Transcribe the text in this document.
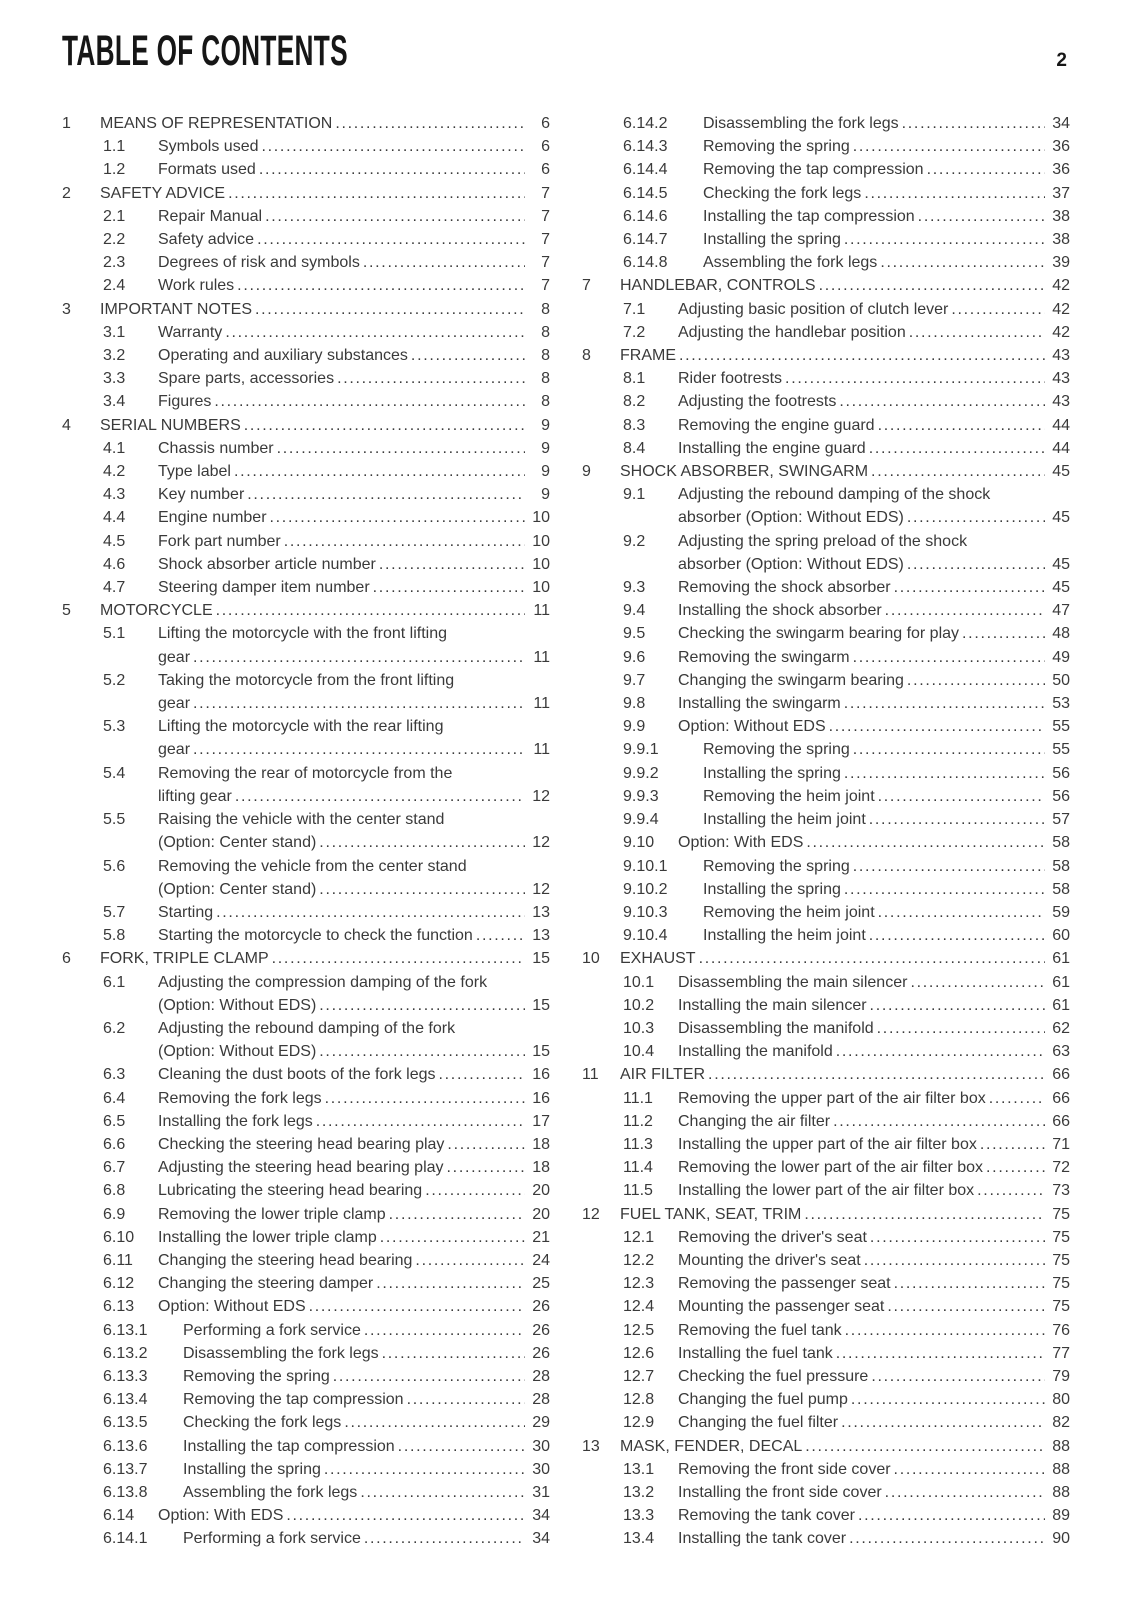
TABLE OF CONTENTS	2
1	MEANS OF REPRESENTATION .....	6
1.1	Symbols used .....	6
1.2	Formats used .....	6
2	SAFETY ADVICE .....	7
2.1	Repair Manual .....	7
2.2	Safety advice .....	7
2.3	Degrees of risk and symbols .....	7
2.4	Work rules .....	7
3	IMPORTANT NOTES .....	8
3.1	Warranty .....	8
3.2	Operating and auxiliary substances .....	8
3.3	Spare parts, accessories .....	8
3.4	Figures .....	8
4	SERIAL NUMBERS .....	9
4.1	Chassis number .....	9
4.2	Type label .....	9
4.3	Key number .....	9
4.4	Engine number .....	10
4.5	Fork part number .....	10
4.6	Shock absorber article number .....	10
4.7	Steering damper item number .....	10
5	MOTORCYCLE .....	11
5.1	Lifting the motorcycle with the front lifting
gear .....	11
5.2	Taking the motorcycle from the front lifting
gear .....	11
5.3	Lifting the motorcycle with the rear lifting
gear .....	11
5.4	Removing the rear of motorcycle from the
lifting gear .....	12
5.5	Raising the vehicle with the center stand
(Option: Center stand) .....	12
5.6	Removing the vehicle from the center stand
(Option: Center stand) .....	12
5.7	Starting .....	13
5.8	Starting the motorcycle to check the function .....	13
6	FORK, TRIPLE CLAMP .....	15
6.1	Adjusting the compression damping of the fork
(Option: Without EDS) .....	15
6.2	Adjusting the rebound damping of the fork
(Option: Without EDS) .....	15
6.3	Cleaning the dust boots of the fork legs .....	16
6.4	Removing the fork legs .....	16
6.5	Installing the fork legs .....	17
6.6	Checking the steering head bearing play .....	18
6.7	Adjusting the steering head bearing play .....	18
6.8	Lubricating the steering head bearing .....	20
6.9	Removing the lower triple clamp .....	20
6.10	Installing the lower triple clamp .....	21
6.11	Changing the steering head bearing .....	24
6.12	Changing the steering damper .....	25
6.13	Option: Without EDS .....	26
6.13.1	Performing a fork service .....	26
6.13.2	Disassembling the fork legs .....	26
6.13.3	Removing the spring .....	28
6.13.4	Removing the tap compression .....	28
6.13.5	Checking the fork legs .....	29
6.13.6	Installing the tap compression .....	30
6.13.7	Installing the spring .....	30
6.13.8	Assembling the fork legs .....	31
6.14	Option: With EDS .....	34
6.14.1	Performing a fork service .....	34
6.14.2	Disassembling the fork legs .....	34
6.14.3	Removing the spring .....	36
6.14.4	Removing the tap compression .....	36
6.14.5	Checking the fork legs .....	37
6.14.6	Installing the tap compression .....	38
6.14.7	Installing the spring .....	38
6.14.8	Assembling the fork legs .....	39
7	HANDLEBAR, CONTROLS .....	42
7.1	Adjusting basic position of clutch lever .....	42
7.2	Adjusting the handlebar position .....	42
8	FRAME .....	43
8.1	Rider footrests .....	43
8.2	Adjusting the footrests .....	43
8.3	Removing the engine guard .....	44
8.4	Installing the engine guard .....	44
9	SHOCK ABSORBER, SWINGARM .....	45
9.1	Adjusting the rebound damping of the shock
absorber (Option: Without EDS) .....	45
9.2	Adjusting the spring preload of the shock
absorber (Option: Without EDS) .....	45
9.3	Removing the shock absorber .....	45
9.4	Installing the shock absorber .....	47
9.5	Checking the swingarm bearing for play .....	48
9.6	Removing the swingarm .....	49
9.7	Changing the swingarm bearing .....	50
9.8	Installing the swingarm .....	53
9.9	Option: Without EDS .....	55
9.9.1	Removing the spring .....	55
9.9.2	Installing the spring .....	56
9.9.3	Removing the heim joint .....	56
9.9.4	Installing the heim joint .....	57
9.10	Option: With EDS .....	58
9.10.1	Removing the spring .....	58
9.10.2	Installing the spring .....	58
9.10.3	Removing the heim joint .....	59
9.10.4	Installing the heim joint .....	60
10	EXHAUST .....	61
10.1	Disassembling the main silencer .....	61
10.2	Installing the main silencer .....	61
10.3	Disassembling the manifold .....	62
10.4	Installing the manifold .....	63
11	AIR FILTER .....	66
11.1	Removing the upper part of the air filter box .....	66
11.2	Changing the air filter .....	66
11.3	Installing the upper part of the air filter box .....	71
11.4	Removing the lower part of the air filter box .....	72
11.5	Installing the lower part of the air filter box .....	73
12	FUEL TANK, SEAT, TRIM .....	75
12.1	Removing the driver's seat .....	75
12.2	Mounting the driver's seat .....	75
12.3	Removing the passenger seat .....	75
12.4	Mounting the passenger seat .....	75
12.5	Removing the fuel tank .....	76
12.6	Installing the fuel tank .....	77
12.7	Checking the fuel pressure .....	79
12.8	Changing the fuel pump .....	80
12.9	Changing the fuel filter .....	82
13	MASK, FENDER, DECAL .....	88
13.1	Removing the front side cover .....	88
13.2	Installing the front side cover .....	88
13.3	Removing the tank cover .....	89
13.4	Installing the tank cover .....	90
